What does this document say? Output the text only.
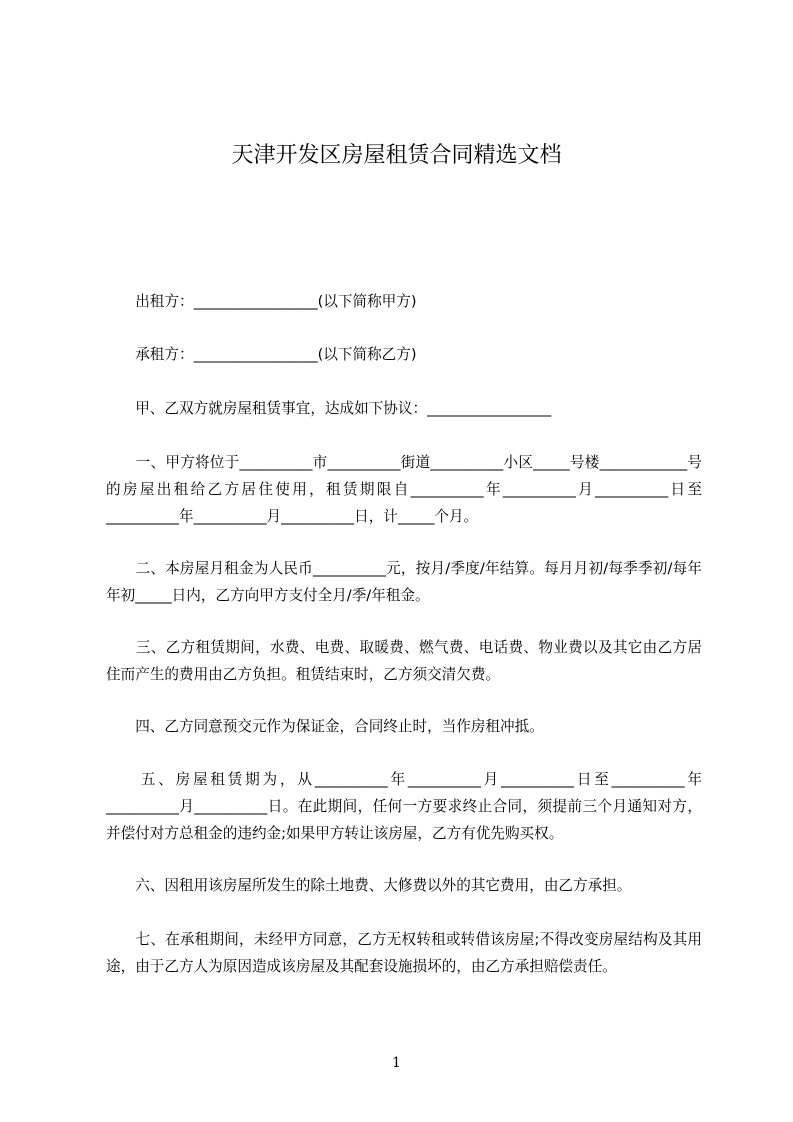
天津开发区房屋租赁合同精选文档
　　出租方：_________________(以下简称甲方)
　　承租方：_________________(以下简称乙方)
　　甲、乙双方就房屋租赁事宜，达成如下协议：_________________
　　一、甲方将位于__________市__________街道__________小区_____号楼____________号的房屋出租给乙方居住使用，租赁期限自__________年__________月__________日至__________年__________月__________日，计_____个月。
　　二、本房屋月租金为人民币__________元，按月/季度/年结算。每月月初/每季季初/每年年初_____日内，乙方向甲方支付全月/季/年租金。
　　三、乙方租赁期间，水费、电费、取暖费、燃气费、电话费、物业费以及其它由乙方居住而产生的费用由乙方负担。租赁结束时，乙方须交清欠费。
　　四、乙方同意预交元作为保证金，合同终止时，当作房租冲抵。
　　五、房屋租赁期为，从__________年__________月__________日至__________年__________月__________日。在此期间，任何一方要求终止合同，须提前三个月通知对方，并偿付对方总租金的违约金;如果甲方转让该房屋，乙方有优先购买权。
　　六、因租用该房屋所发生的除土地费、大修费以外的其它费用，由乙方承担。
　　七、在承租期间，未经甲方同意，乙方无权转租或转借该房屋;不得改变房屋结构及其用途，由于乙方人为原因造成该房屋及其配套设施损坏的，由乙方承担赔偿责任。
1
